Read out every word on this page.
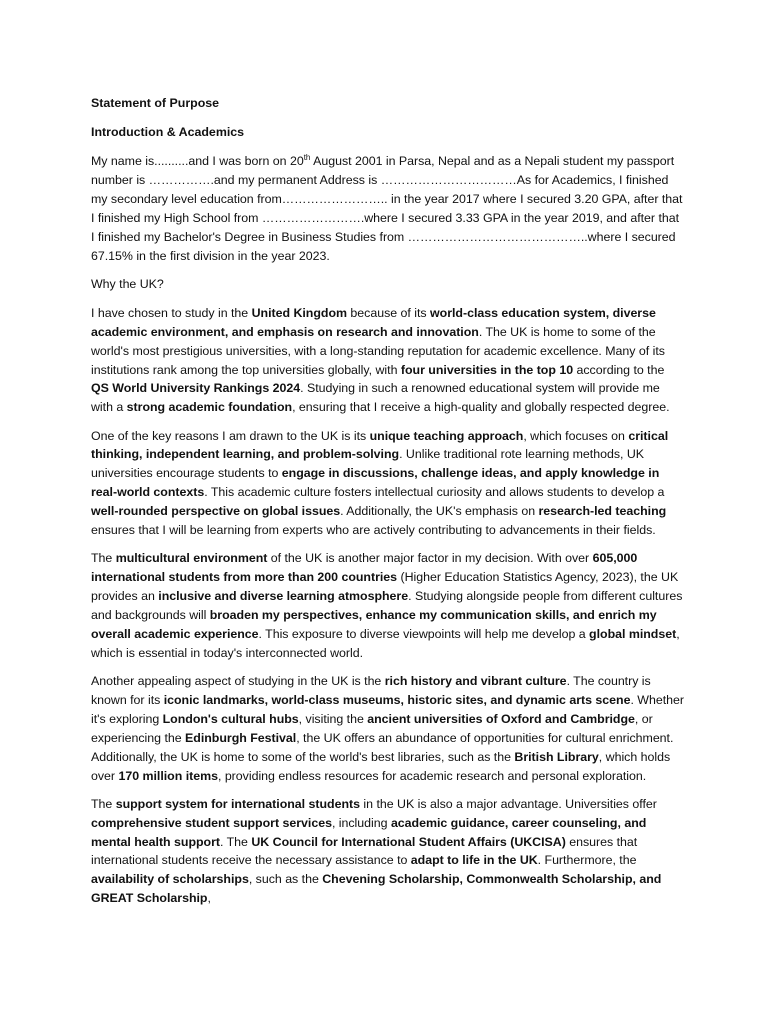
Statement of Purpose

Introduction & Academics

My name is..........and I was born on 20th August 2001 in Parsa, Nepal and as a Nepali student my passport number is …………….and my permanent Address is ……………………………As for Academics, I finished my secondary level education from…………………….. in the year 2017 where I secured 3.20 GPA, after that I finished my High School from …………………….where I secured 3.33 GPA in the year 2019, and after that I finished my Bachelor's Degree in Business Studies from ……………………………………..where I secured 67.15% in the first division in the year 2023.

Why the UK?

I have chosen to study in the United Kingdom because of its world-class education system, diverse academic environment, and emphasis on research and innovation. The UK is home to some of the world's most prestigious universities, with a long-standing reputation for academic excellence. Many of its institutions rank among the top universities globally, with four universities in the top 10 according to the QS World University Rankings 2024. Studying in such a renowned educational system will provide me with a strong academic foundation, ensuring that I receive a high-quality and globally respected degree.

One of the key reasons I am drawn to the UK is its unique teaching approach, which focuses on critical thinking, independent learning, and problem-solving. Unlike traditional rote learning methods, UK universities encourage students to engage in discussions, challenge ideas, and apply knowledge in real-world contexts. This academic culture fosters intellectual curiosity and allows students to develop a well-rounded perspective on global issues. Additionally, the UK's emphasis on research-led teaching ensures that I will be learning from experts who are actively contributing to advancements in their fields.

The multicultural environment of the UK is another major factor in my decision. With over 605,000 international students from more than 200 countries (Higher Education Statistics Agency, 2023), the UK provides an inclusive and diverse learning atmosphere. Studying alongside people from different cultures and backgrounds will broaden my perspectives, enhance my communication skills, and enrich my overall academic experience. This exposure to diverse viewpoints will help me develop a global mindset, which is essential in today's interconnected world.

Another appealing aspect of studying in the UK is the rich history and vibrant culture. The country is known for its iconic landmarks, world-class museums, historic sites, and dynamic arts scene. Whether it's exploring London's cultural hubs, visiting the ancient universities of Oxford and Cambridge, or experiencing the Edinburgh Festival, the UK offers an abundance of opportunities for cultural enrichment. Additionally, the UK is home to some of the world's best libraries, such as the British Library, which holds over 170 million items, providing endless resources for academic research and personal exploration.

The support system for international students in the UK is also a major advantage. Universities offer comprehensive student support services, including academic guidance, career counseling, and mental health support. The UK Council for International Student Affairs (UKCISA) ensures that international students receive the necessary assistance to adapt to life in the UK. Furthermore, the availability of scholarships, such as the Chevening Scholarship, Commonwealth Scholarship, and GREAT Scholarship,
